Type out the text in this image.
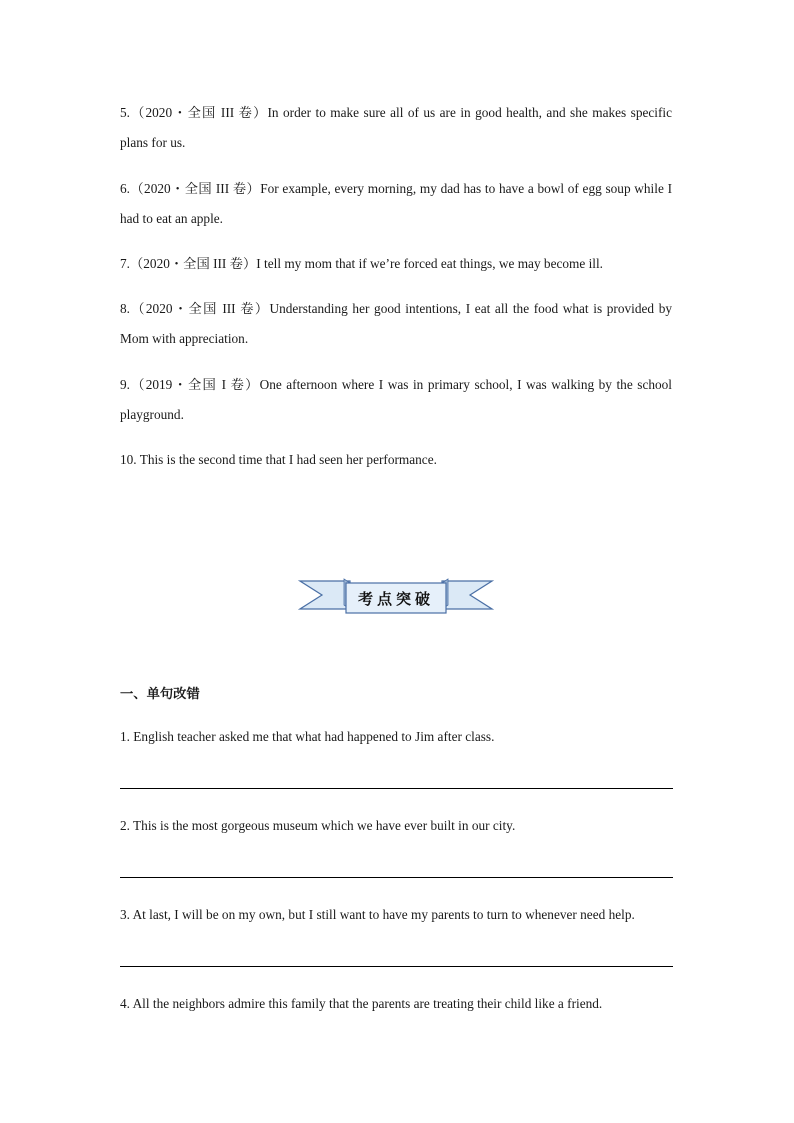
5.（2020・全国 III 卷）In order to make sure all of us are in good health, and she makes specific plans for us.

6.（2020・全国 III 卷）For example, every morning, my dad has to have a bowl of egg soup while I had to eat an apple.

7.（2020・全国 III 卷）I tell my mom that if we’re forced eat things, we may become ill.

8.（2020・全国 III 卷）Understanding her good intentions, I eat all the food what is provided by Mom with appreciation.

9.（2019・全国 I 卷）One afternoon where I was in primary school, I was walking by the school playground.

10. This is the second time that I had seen her performance.

考点突破

一、单句改错

1. English teacher asked me that what had happened to Jim after class.

2. This is the most gorgeous museum which we have ever built in our city.

3. At last, I will be on my own, but I still want to have my parents to turn to whenever need help.

4. All the neighbors admire this family that the parents are treating their child like a friend.
